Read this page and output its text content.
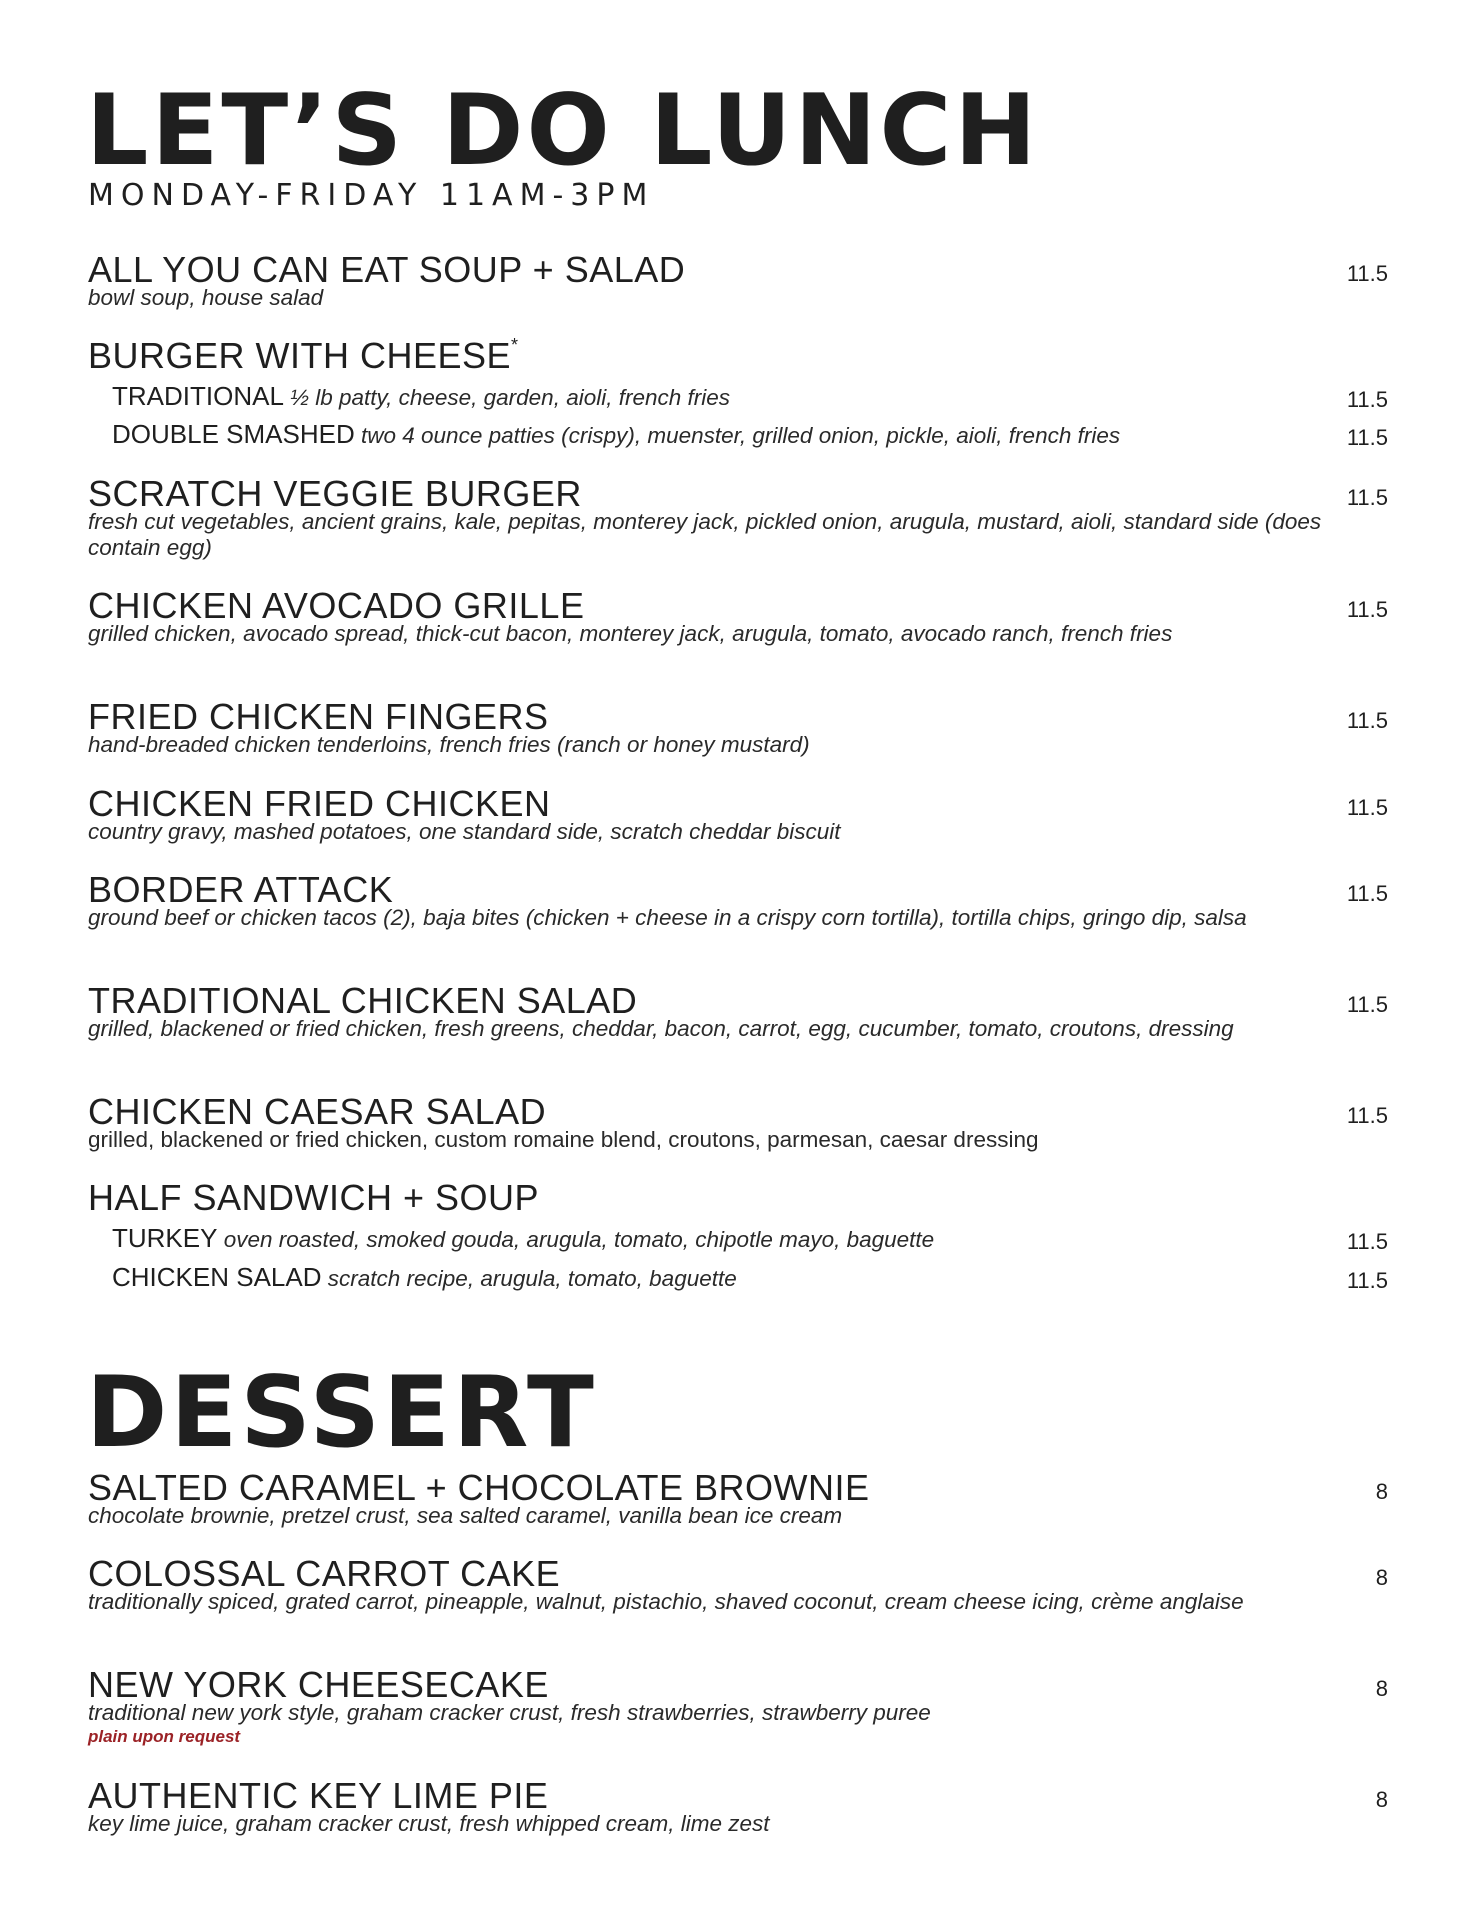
LET’S DO LUNCH
MONDAY-FRIDAY 11AM-3PM
ALL YOU CAN EAT SOUP + SALAD	11.5
bowl soup, house salad
BURGER WITH CHEESE*
TRADITIONAL ½ lb patty, cheese, garden, aioli, french fries	11.5
DOUBLE SMASHED two 4 ounce patties (crispy), muenster, grilled onion, pickle, aioli, french fries	11.5
SCRATCH VEGGIE BURGER	11.5
fresh cut vegetables, ancient grains, kale, pepitas, monterey jack, pickled onion, arugula, mustard, aioli, standard side (does contain egg)
CHICKEN AVOCADO GRILLE	11.5
grilled chicken, avocado spread, thick-cut bacon, monterey jack, arugula, tomato, avocado ranch, french fries
FRIED CHICKEN FINGERS	11.5
hand-breaded chicken tenderloins, french fries (ranch or honey mustard)
CHICKEN FRIED CHICKEN	11.5
country gravy, mashed potatoes, one standard side, scratch cheddar biscuit
BORDER ATTACK	11.5
ground beef or chicken tacos (2), baja bites (chicken + cheese in a crispy corn tortilla), tortilla chips, gringo dip, salsa
TRADITIONAL CHICKEN SALAD	11.5
grilled, blackened or fried chicken, fresh greens, cheddar, bacon, carrot, egg, cucumber, tomato, croutons, dressing
CHICKEN CAESAR SALAD	11.5
grilled, blackened or fried chicken, custom romaine blend, croutons, parmesan, caesar dressing
HALF SANDWICH + SOUP
TURKEY oven roasted, smoked gouda, arugula, tomato, chipotle mayo, baguette	11.5
CHICKEN SALAD scratch recipe, arugula, tomato, baguette	11.5
DESSERT
SALTED CARAMEL + CHOCOLATE BROWNIE	8
chocolate brownie, pretzel crust, sea salted caramel, vanilla bean ice cream
COLOSSAL CARROT CAKE	8
traditionally spiced, grated carrot, pineapple, walnut, pistachio, shaved coconut, cream cheese icing, crème anglaise
NEW YORK CHEESECAKE	8
traditional new york style, graham cracker crust, fresh strawberries, strawberry puree
plain upon request
AUTHENTIC KEY LIME PIE	8
key lime juice, graham cracker crust, fresh whipped cream, lime zest
